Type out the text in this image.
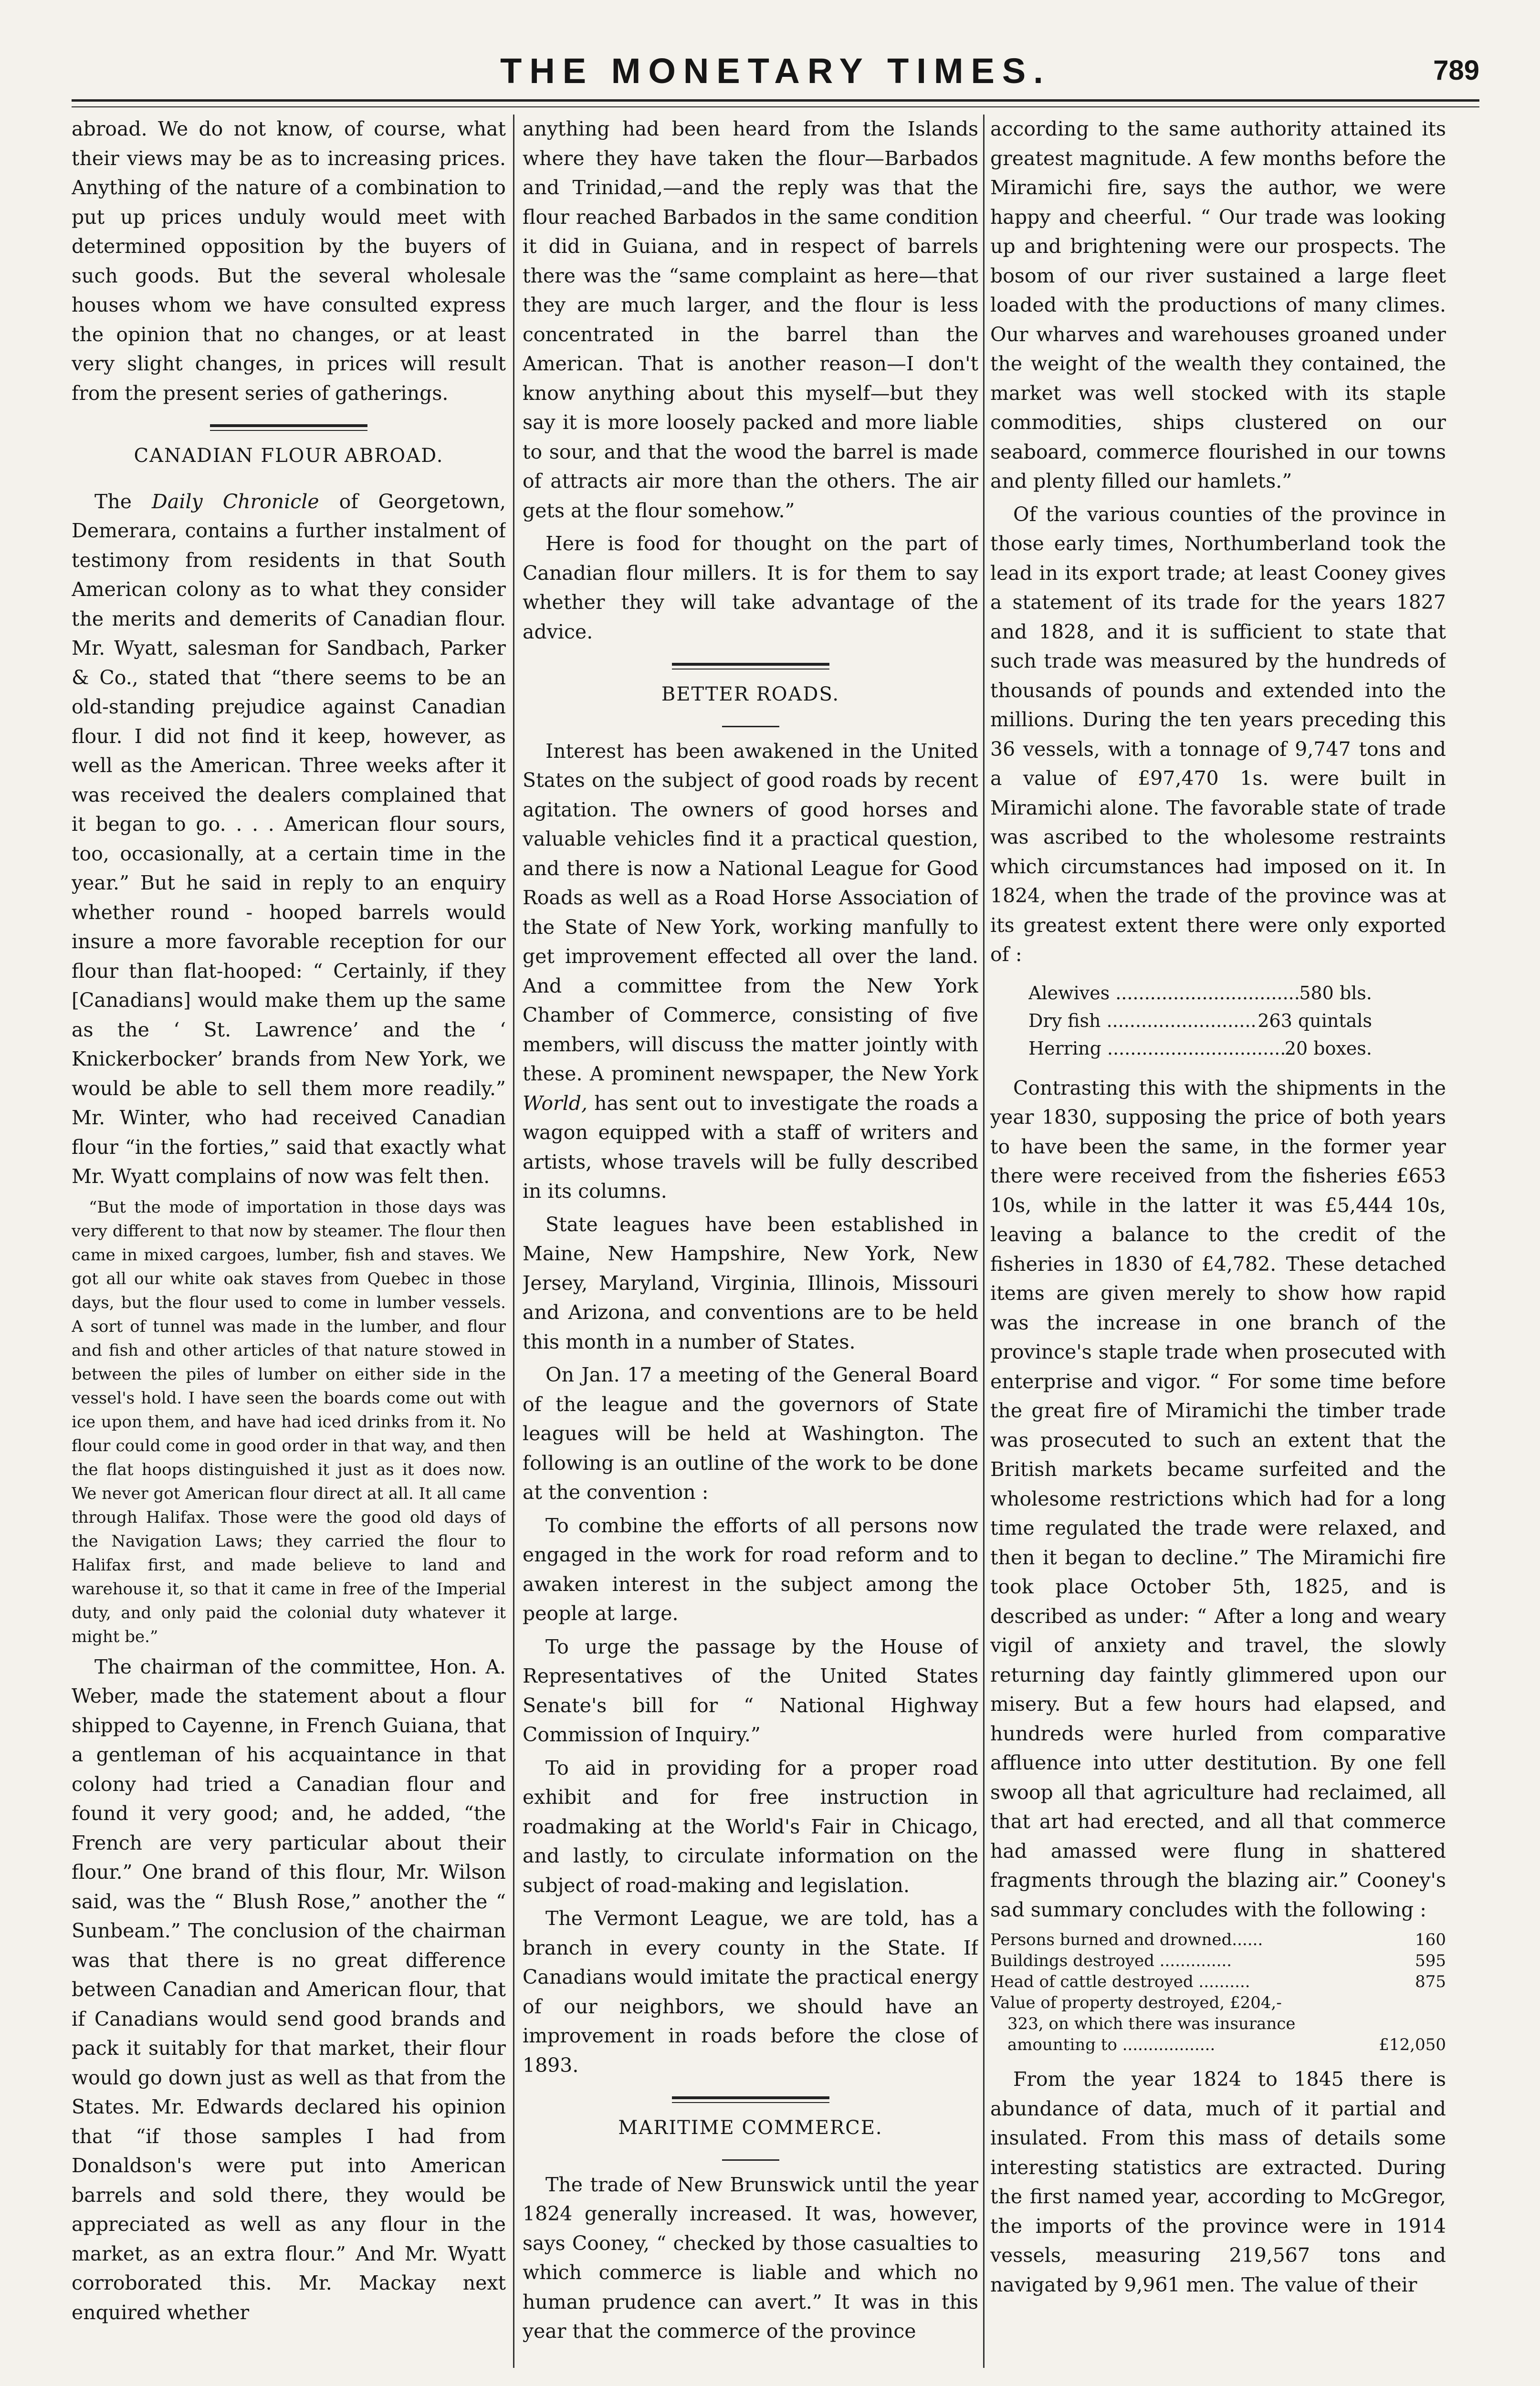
THE MONETARY TIMES.	789

abroad. We do not know, of course, what their views may be as to increasing prices. Anything of the nature of a combination to put up prices unduly would meet with determined opposition by the buyers of such goods. But the several wholesale houses whom we have consulted express the opinion that no changes, or at least very slight changes, in prices will result from the present series of gatherings.

CANADIAN FLOUR ABROAD.

The Daily Chronicle of Georgetown, Demerara, contains a further instalment of testimony from residents in that South American colony as to what they consider the merits and demerits of Canadian flour. Mr. Wyatt, salesman for Sandbach, Parker & Co., stated that “there seems to be an old-standing prejudice against Canadian flour. I did not find it keep, however, as well as the American. Three weeks after it was received the dealers complained that it began to go. . . . American flour sours, too, occasionally, at a certain time in the year.” But he said in reply to an enquiry whether round - hooped barrels would insure a more favorable reception for our flour than flat-hooped: “ Certainly, if they [Canadians] would make them up the same as the ‘ St. Lawrence’ and the ‘ Knickerbocker’ brands from New York, we would be able to sell them more readily.” Mr. Winter, who had received Canadian flour “in the forties,” said that exactly what Mr. Wyatt complains of now was felt then.

“But the mode of importation in those days was very different to that now by steamer. The flour then came in mixed cargoes, lumber, fish and staves. We got all our white oak staves from Quebec in those days, but the flour used to come in lumber vessels. A sort of tunnel was made in the lumber, and flour and fish and other articles of that nature stowed in between the piles of lumber on either side in the vessel's hold. I have seen the boards come out with ice upon them, and have had iced drinks from it. No flour could come in good order in that way, and then the flat hoops distinguished it just as it does now. We never got American flour direct at all. It all came through Halifax. Those were the good old days of the Navigation Laws; they carried the flour to Halifax first, and made believe to land and warehouse it, so that it came in free of the Imperial duty, and only paid the colonial duty whatever it might be.”

The chairman of the committee, Hon. A. Weber, made the statement about a flour shipped to Cayenne, in French Guiana, that a gentleman of his acquaintance in that colony had tried a Canadian flour and found it very good; and, he added, “the French are very particular about their flour.” One brand of this flour, Mr. Wilson said, was the “ Blush Rose,” another the “ Sunbeam.” The conclusion of the chairman was that there is no great difference between Canadian and American flour, that if Canadians would send good brands and pack it suitably for that market, their flour would go down just as well as that from the States. Mr. Edwards declared his opinion that “if those samples I had from Donaldson's were put into American barrels and sold there, they would be appreciated as well as any flour in the market, as an extra flour.” And Mr. Wyatt corroborated this. Mr. Mackay next enquired whether

anything had been heard from the Islands where they have taken the flour—Barbados and Trinidad,—and the reply was that the flour reached Barbados in the same condition it did in Guiana, and in respect of barrels there was the “same complaint as here—that they are much larger, and the flour is less concentrated in the barrel than the American. That is another reason—I don't know anything about this myself—but they say it is more loosely packed and more liable to sour, and that the wood the barrel is made of attracts air more than the others. The air gets at the flour somehow.”

Here is food for thought on the part of Canadian flour millers. It is for them to say whether they will take advantage of the advice.

BETTER ROADS.

Interest has been awakened in the United States on the subject of good roads by recent agitation. The owners of good horses and valuable vehicles find it a practical question, and there is now a National League for Good Roads as well as a Road Horse Association of the State of New York, working manfully to get improvement effected all over the land. And a committee from the New York Chamber of Commerce, consisting of five members, will discuss the matter jointly with these. A prominent newspaper, the New York World, has sent out to investigate the roads a wagon equipped with a staff of writers and artists, whose travels will be fully described in its columns.

State leagues have been established in Maine, New Hampshire, New York, New Jersey, Maryland, Virginia, Illinois, Missouri and Arizona, and conventions are to be held this month in a number of States.

On Jan. 17 a meeting of the General Board of the league and the governors of State leagues will be held at Washington. The following is an outline of the work to be done at the convention :

To combine the efforts of all persons now engaged in the work for road reform and to awaken interest in the subject among the people at large.

To urge the passage by the House of Representatives of the United States Senate's bill for “ National Highway Commission of Inquiry.”

To aid in providing for a proper road exhibit and for free instruction in roadmaking at the World's Fair in Chicago, and lastly, to circulate information on the subject of road-making and legislation.

The Vermont League, we are told, has a branch in every county in the State. If Canadians would imitate the practical energy of our neighbors, we should have an improvement in roads before the close of 1893.

MARITIME COMMERCE.

The trade of New Brunswick until the year 1824 generally increased. It was, however, says Cooney, “ checked by those casualties to which commerce is liable and which no human prudence can avert.” It was in this year that the commerce of the province

according to the same authority attained its greatest magnitude. A few months before the Miramichi fire, says the author, we were happy and cheerful. “ Our trade was looking up and brightening were our prospects. The bosom of our river sustained a large fleet loaded with the productions of many climes. Our wharves and warehouses groaned under the weight of the wealth they contained, the market was well stocked with its staple commodities, ships clustered on our seaboard, commerce flourished in our towns and plenty filled our hamlets.”

Of the various counties of the province in those early times, Northumberland took the lead in its export trade; at least Cooney gives a statement of its trade for the years 1827 and 1828, and it is sufficient to state that such trade was measured by the hundreds of thousands of pounds and extended into the millions. During the ten years preceding this 36 vessels, with a tonnage of 9,747 tons and a value of £97,470 1s. were built in Miramichi alone. The favorable state of trade was ascribed to the wholesome restraints which circumstances had imposed on it. In 1824, when the trade of the province was at its greatest extent there were only exported of :

Alewives .....	580 bls.
Dry fish .....	263 quintals
Herring .....	20 boxes.

Contrasting this with the shipments in the year 1830, supposing the price of both years to have been the same, in the former year there were received from the fisheries £653 10s, while in the latter it was £5,444 10s, leaving a balance to the credit of the fisheries in 1830 of £4,782. These detached items are given merely to show how rapid was the increase in one branch of the province's staple trade when prosecuted with enterprise and vigor. “ For some time before the great fire of Miramichi the timber trade was prosecuted to such an extent that the British markets became surfeited and the wholesome restrictions which had for a long time regulated the trade were relaxed, and then it began to decline.” The Miramichi fire took place October 5th, 1825, and is described as under: “ After a long and weary vigil of anxiety and travel, the slowly returning day faintly glimmered upon our misery. But a few hours had elapsed, and hundreds were hurled from comparative affluence into utter destitution. By one fell swoop all that agriculture had reclaimed, all that art had erected, and all that commerce had amassed were flung in shattered fragments through the blazing air.” Cooney's sad summary concludes with the following :

Persons burned and drowned......	160
Buildings destroyed ..............	595
Head of cattle destroyed ..........	875
Value of property destroyed, £204,-
323, on which there was insurance
amounting to ..................	£12,050

From the year 1824 to 1845 there is abundance of data, much of it partial and insulated. From this mass of details some interesting statistics are extracted. During the first named year, according to McGregor, the imports of the province were in 1914 vessels, measuring 219,567 tons and navigated by 9,961 men. The value of their
